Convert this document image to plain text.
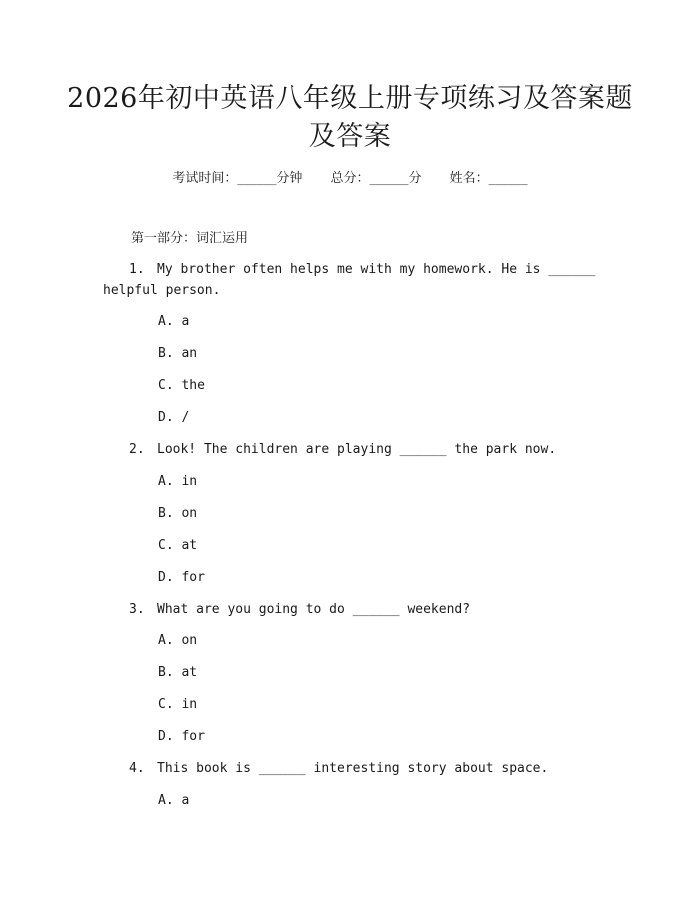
2026年初中英语八年级上册专项练习及答案题及答案
考试时间：______分钟 总分：______分 姓名：______
第一部分：词汇运用
1. My brother often helps me with my homework. He is ______ helpful person.
A. a
B. an
C. the
D. /
2. Look! The children are playing ______ the park now.
A. in
B. on
C. at
D. for
3. What are you going to do ______ weekend?
A. on
B. at
C. in
D. for
4. This book is ______ interesting story about space.
A. a
